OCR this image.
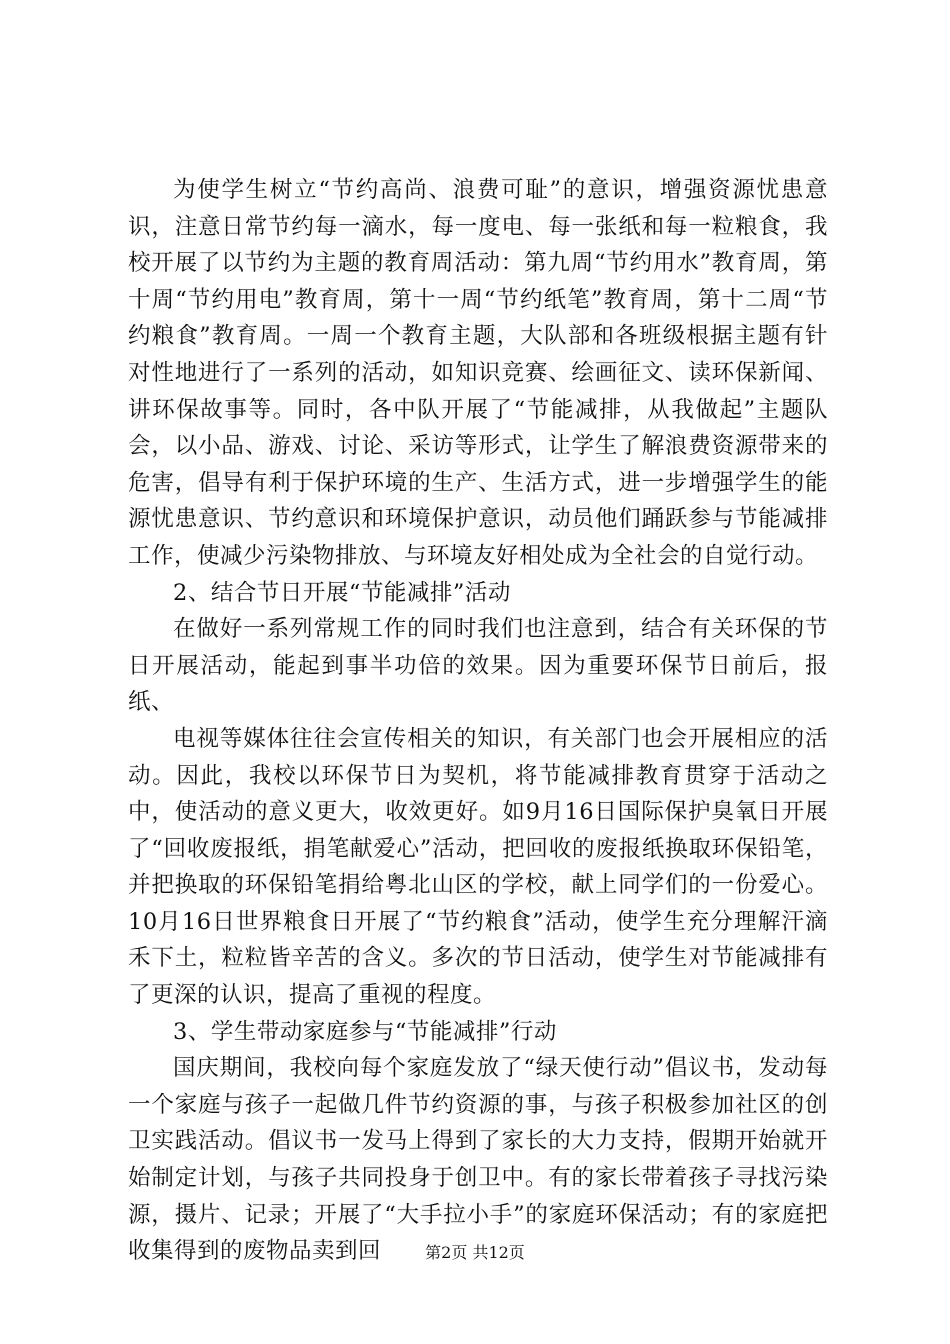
为使学生树立“节约高尚、浪费可耻”的意识，增强资源忧患意识，注意日常节约每一滴水，每一度电、每一张纸和每一粒粮食，我校开展了以节约为主题的教育周活动：第九周“节约用水”教育周，第十周“节约用电”教育周，第十一周“节约纸笔”教育周，第十二周“节约粮食”教育周。一周一个教育主题，大队部和各班级根据主题有针对性地进行了一系列的活动，如知识竞赛、绘画征文、读环保新闻、讲环保故事等。同时，各中队开展了“节能减排，从我做起”主题队会，以小品、游戏、讨论、采访等形式，让学生了解浪费资源带来的危害，倡导有利于保护环境的生产、生活方式，进一步增强学生的能源忧患意识、节约意识和环境保护意识，动员他们踊跃参与节能减排工作，使减少污染物排放、与环境友好相处成为全社会的自觉行动。

2、结合节日开展“节能减排”活动

在做好一系列常规工作的同时我们也注意到，结合有关环保的节日开展活动，能起到事半功倍的效果。因为重要环保节日前后，报纸、

电视等媒体往往会宣传相关的知识，有关部门也会开展相应的活动。因此，我校以环保节日为契机，将节能减排教育贯穿于活动之中，使活动的意义更大，收效更好。如9月16日国际保护臭氧日开展了“回收废报纸，捐笔献爱心”活动，把回收的废报纸换取环保铅笔，并把换取的环保铅笔捐给粤北山区的学校，献上同学们的一份爱心。10月16日世界粮食日开展了“节约粮食”活动，使学生充分理解汗滴禾下土，粒粒皆辛苦的含义。多次的节日活动，使学生对节能减排有了更深的认识，提高了重视的程度。

3、学生带动家庭参与“节能减排”行动

国庆期间，我校向每个家庭发放了“绿天使行动”倡议书，发动每一个家庭与孩子一起做几件节约资源的事，与孩子积极参加社区的创卫实践活动。倡议书一发马上得到了家长的大力支持，假期开始就开始制定计划，与孩子共同投身于创卫中。有的家长带着孩子寻找污染源，摄片、记录；开展了“大手拉小手”的家庭环保活动；有的家庭把收集得到的废物品卖到回	第2页 共12页
